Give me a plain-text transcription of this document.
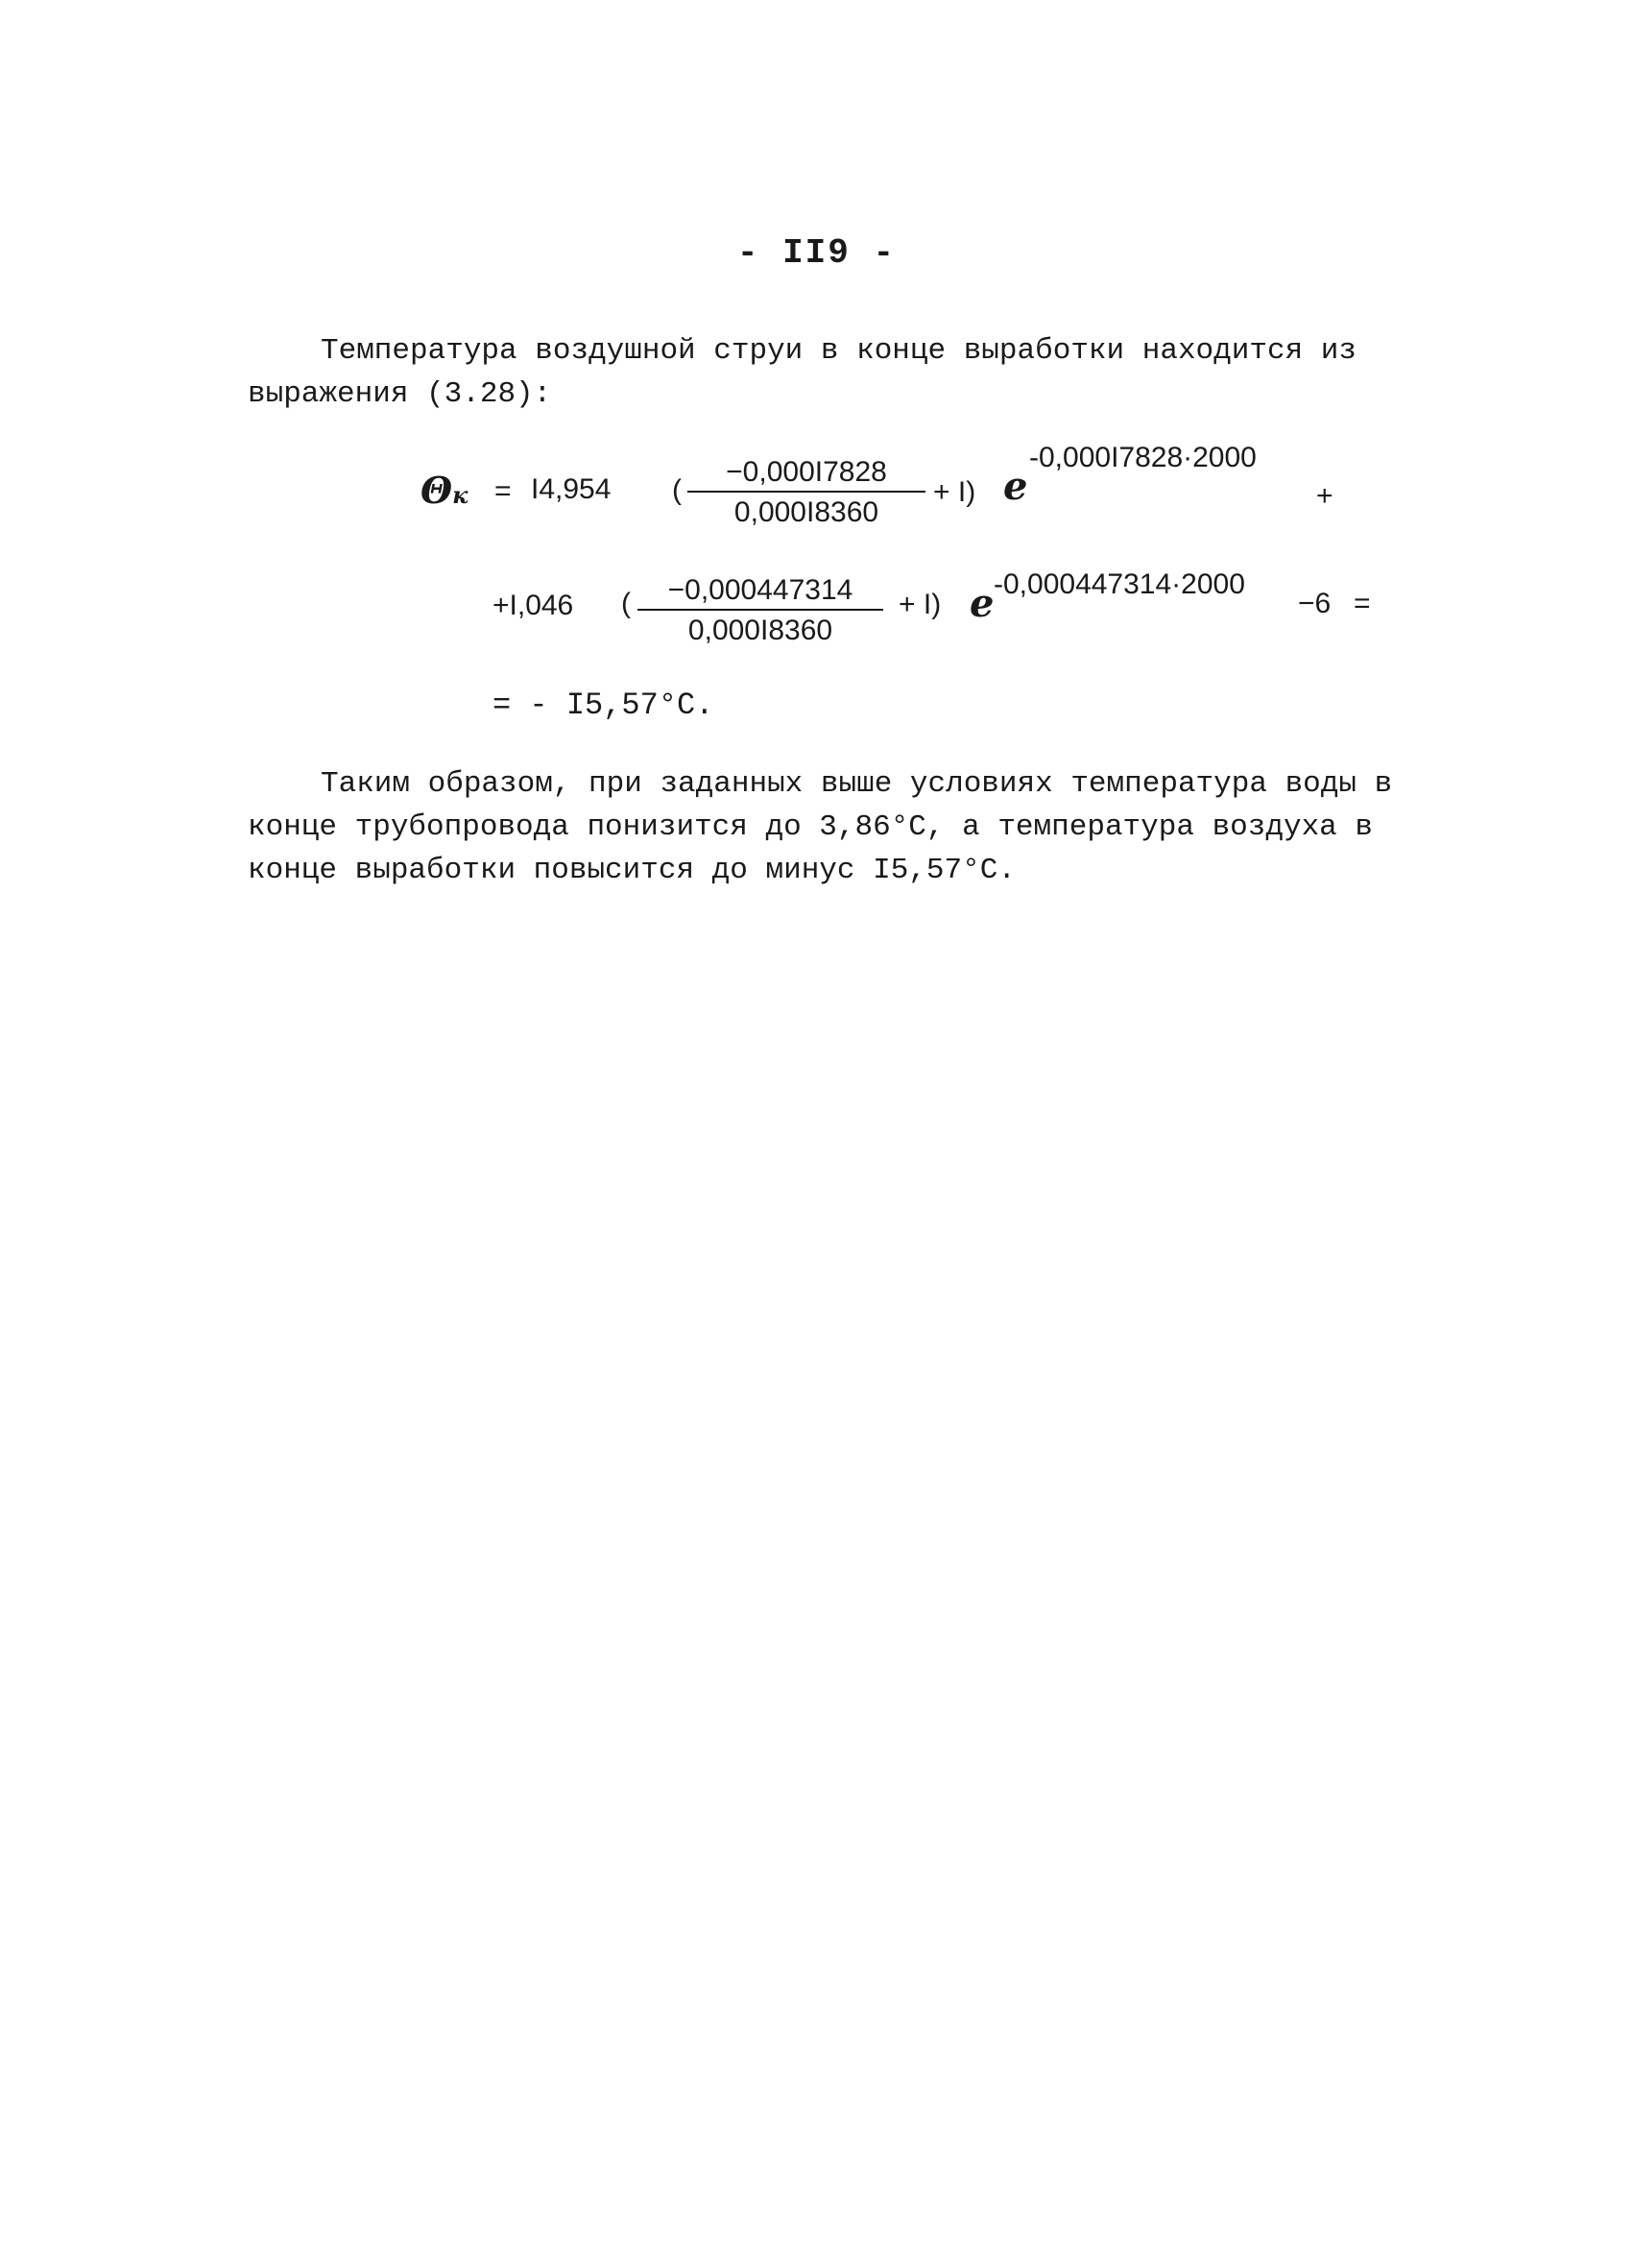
- II9 -
Температура воздушной струи в конце выработки находится из
выражения (3.28):
Θк = I4,954 ( $\frac{-0,000I7828}{0,000I8360} + I$) e
-0,000I7828·2000
+
+I,046 ( $\frac{-0,000447314}{0,000I8360} + I$) e -0,000447314·2000
−6 =
= - I5,57°C.
Таким образом, при заданных выше условиях температура воды в
конце трубопровода понизится до 3,86°C, а температура воздуха в
конце выработки повысится до минус I5,57°C.
